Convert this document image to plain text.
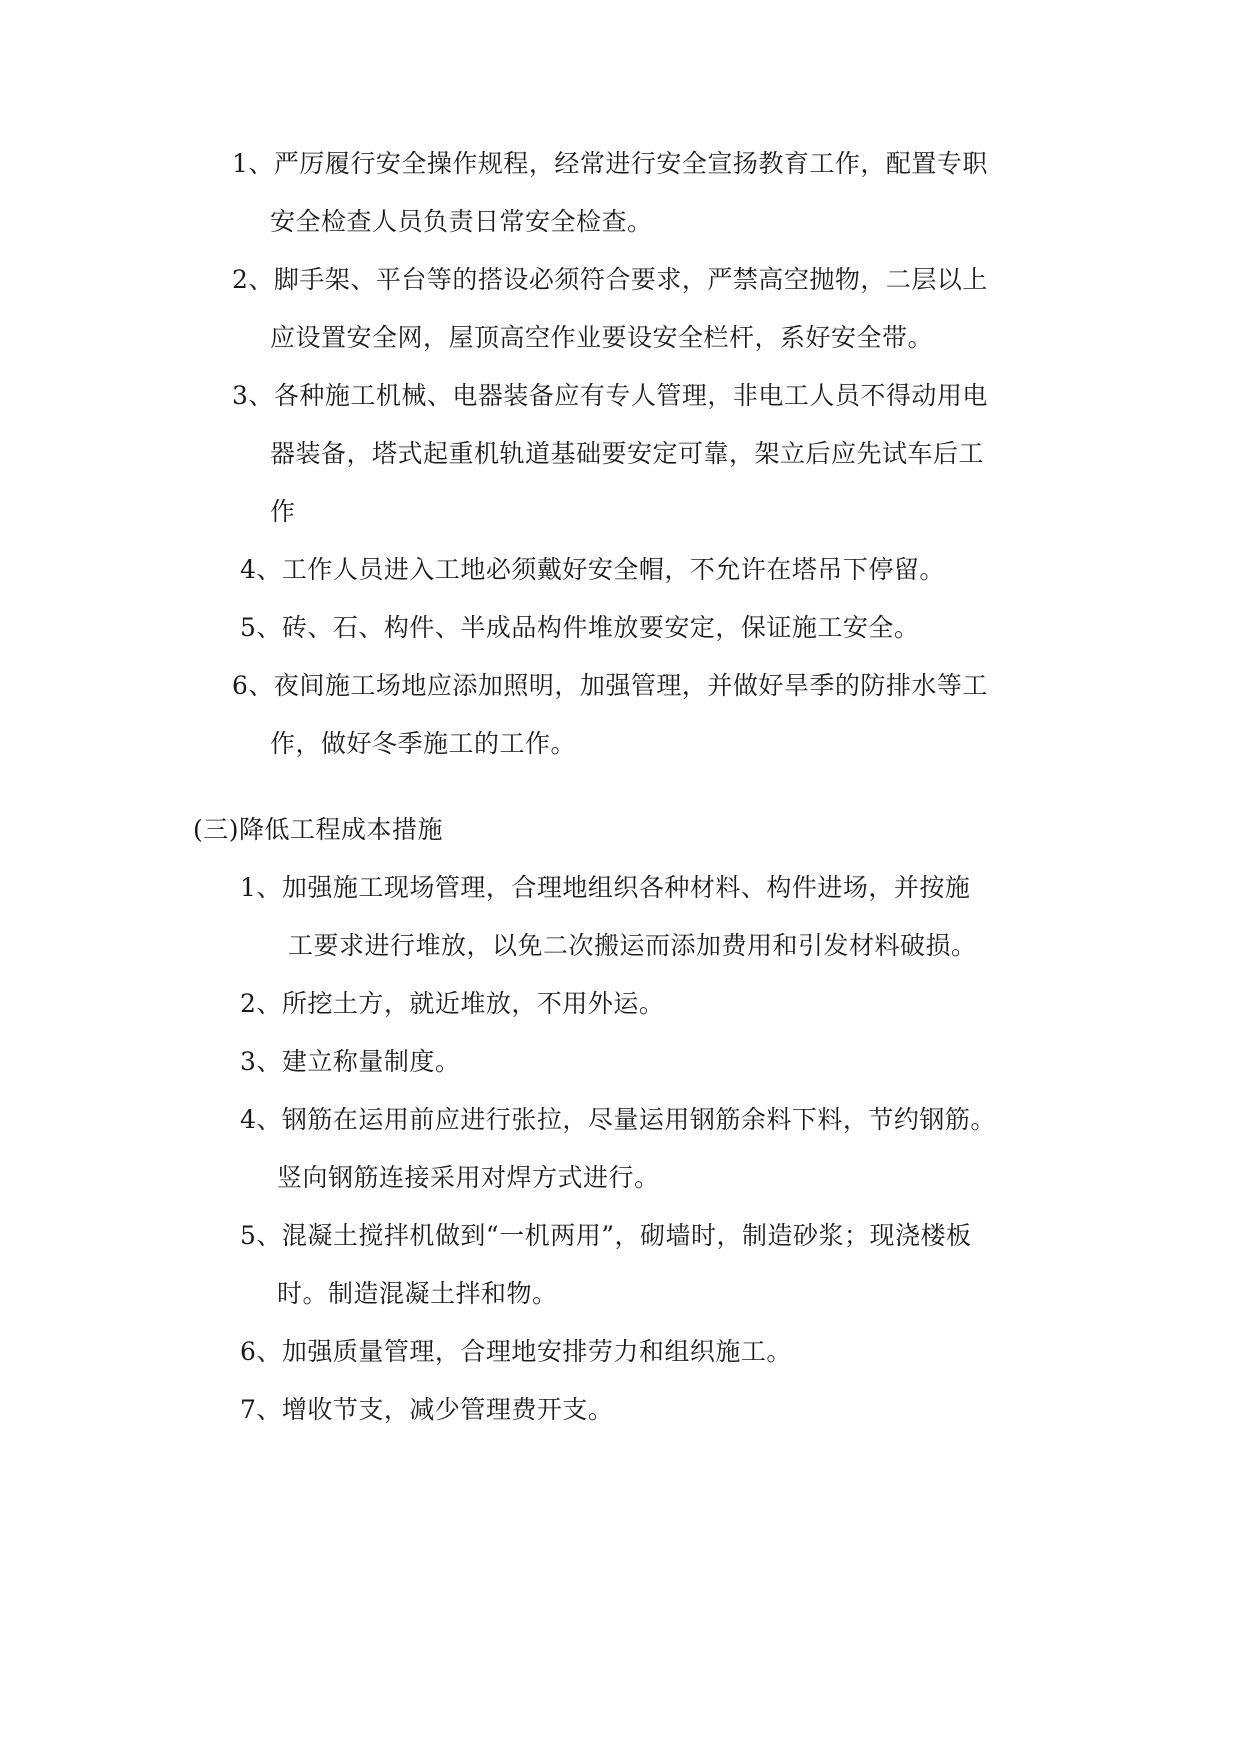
1、严厉履行安全操作规程，经常进行安全宣扬教育工作，配置专职
安全检查人员负责日常安全检查。
2、脚手架、平台等的搭设必须符合要求，严禁高空抛物，二层以上
应设置安全网，屋顶高空作业要设安全栏杆，系好安全带。
3、各种施工机械、电器装备应有专人管理，非电工人员不得动用电
器装备，塔式起重机轨道基础要安定可靠，架立后应先试车后工
作
4、工作人员进入工地必须戴好安全帽，不允许在塔吊下停留。
5、砖、石、构件、半成品构件堆放要安定，保证施工安全。
6、夜间施工场地应添加照明，加强管理，并做好旱季的防排水等工
作，做好冬季施工的工作。
(三)降低工程成本措施
1、加强施工现场管理，合理地组织各种材料、构件进场，并按施
工要求进行堆放，以免二次搬运而添加费用和引发材料破损。
2、所挖土方，就近堆放，不用外运。
3、建立称量制度。
4、钢筋在运用前应进行张拉，尽量运用钢筋余料下料，节约钢筋。
竖向钢筋连接采用对焊方式进行。
5、混凝土搅拌机做到“一机两用”，砌墙时，制造砂浆；现浇楼板
时。制造混凝土拌和物。
6、加强质量管理，合理地安排劳力和组织施工。
7、增收节支，减少管理费开支。
